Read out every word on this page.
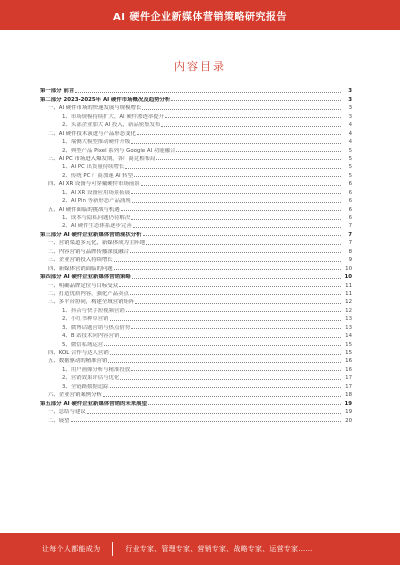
AI 硬件企业新媒体营销策略研究报告
内容目录
第一部分 前言	3
第二部分 2023-2025年 AI 硬件市场概况及趋势分析	3
一、AI 硬件市场的快速发展与规模增长	3
1、市场规模持续扩大，AI 硬件渗透率提升	3
2、头部企业加大 AI 投入，新品密集发布	4
二、AI 硬件技术演进与产品形态变化	4
1、端侧大模型推动硬件升级	4
2、典型产品 Pixel 系列与 Google AI 功能融合	5
三、AI PC 市场进入爆发期，各厂商竞相布局	5
1、AI PC 出货量持续增长	5
2、传统 PC 厂商加速 AI 转型	5
四、AI XR 设备与可穿戴硬件市场前景	6
1、AI XR 设备应用场景拓展	6
2、AI Pin 等新形态产品涌现	6
五、AI 硬件面临的挑战与机遇	6
1、成本与隐私问题仍待解决	6
2、AI 硬件生态体系逐步完善	7
第三部分 AI 硬件企业新媒体营销现状分析	7
一、营销渠道多元化，新媒体成为主阵地	7
二、内容营销与品牌传播深度融合	8
三、企业营销投入持续增长	9
四、新媒体营销面临的问题	10
第四部分 AI 硬件企业新媒体营销策略	10
一、明确品牌定位与目标受众	11
二、打造优质内容，强化产品卖点	11
三、多平台协同，构建全域营销矩阵	12
1、抖音与快手短视频营销	12
2、小红书种草营销	13
3、微博话题营销与热点借势	13
4、B 站技术向内容营销	14
5、微信私域运营	15
四、KOL 合作与达人营销	15
五、数据驱动的精准营销	16
1、用户画像分析与精准投放	16
2、营销效果评估与优化	17
3、全链路数据追踪	17
六、企业营销案例分析	18
第五部分 AI 硬件企业新媒体营销的未来展望	19
一、总结与建议	19
二、展望	20
让每个人都能成为	行业专家、管理专家、营销专家、战略专家、运营专家……
